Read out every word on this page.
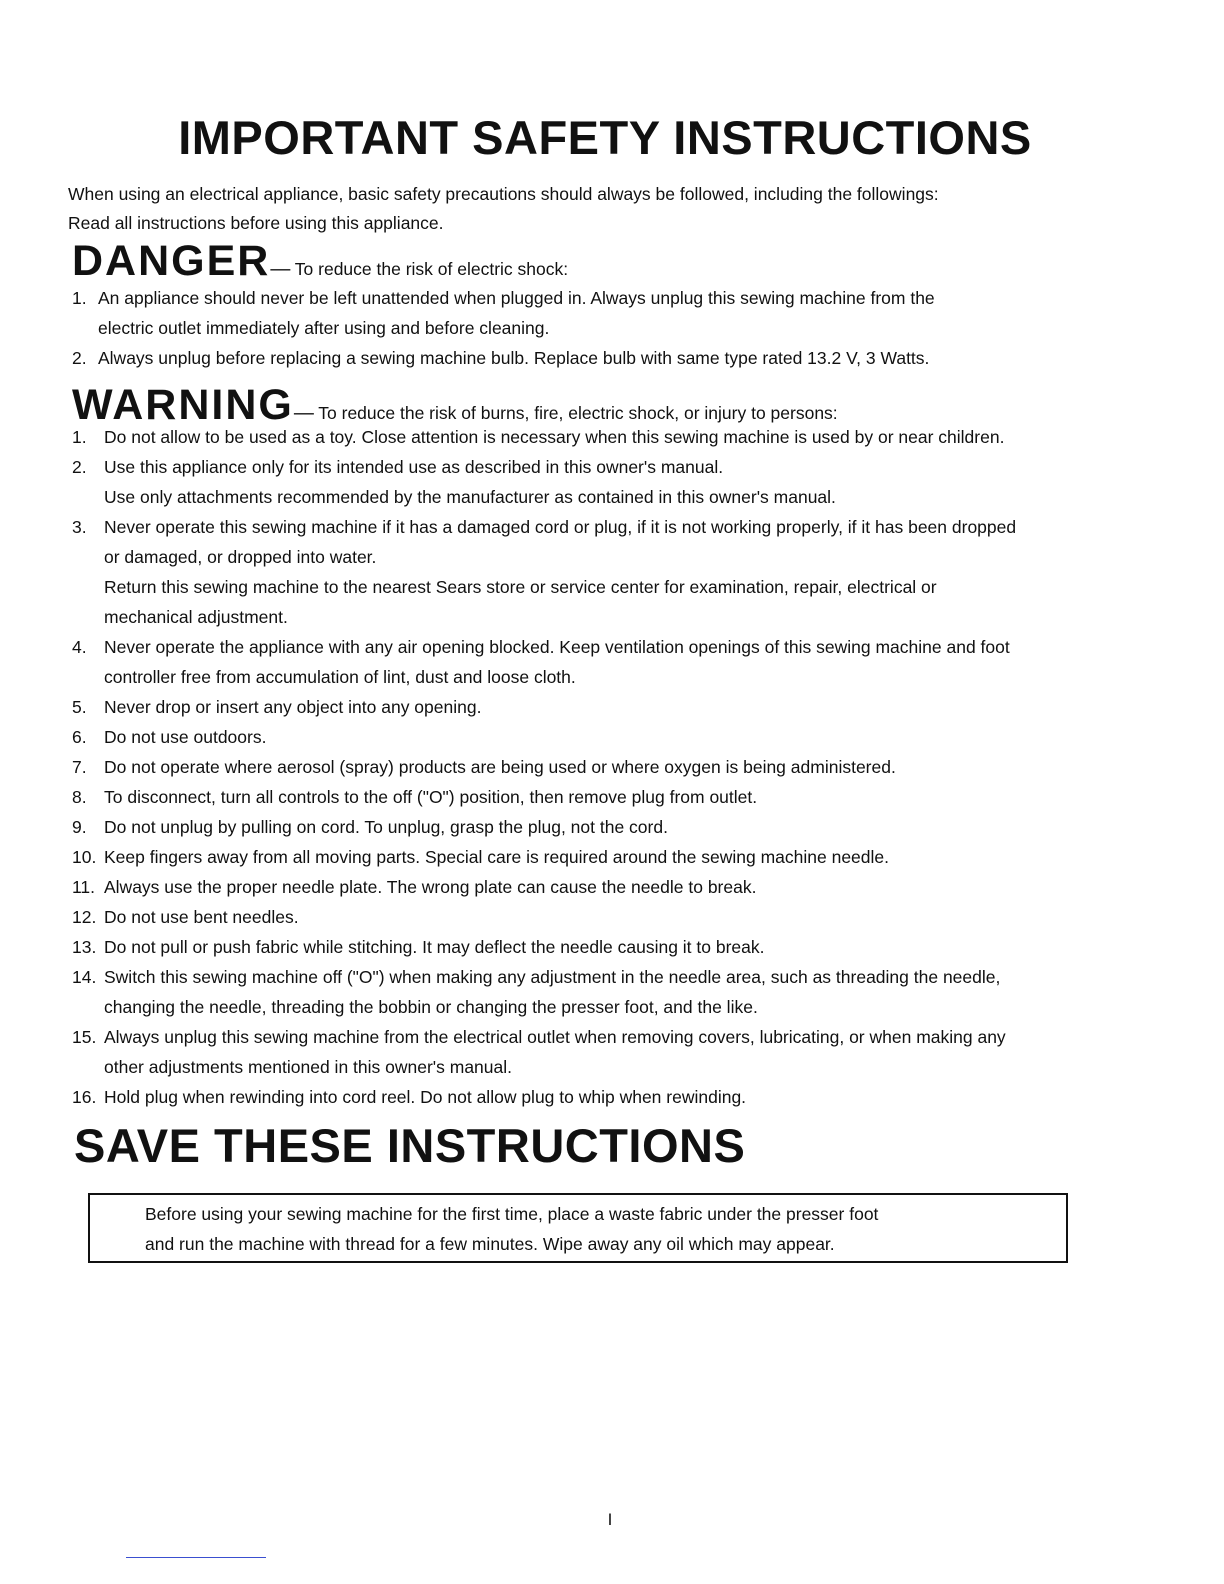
IMPORTANT SAFETY INSTRUCTIONS
When using an electrical appliance, basic safety precautions should always be followed, including the followings:
Read all instructions before using this appliance.
DANGER— To reduce the risk of electric shock:
1. An appliance should never be left unattended when plugged in. Always unplug this sewing machine from the
electric outlet immediately after using and before cleaning.
2. Always unplug before replacing a sewing machine bulb. Replace bulb with same type rated 13.2 V, 3 Watts.
WARNING— To reduce the risk of burns, fire, electric shock, or injury to persons:
1. Do not allow to be used as a toy. Close attention is necessary when this sewing machine is used by or near children.
2. Use this appliance only for its intended use as described in this owner's manual.
Use only attachments recommended by the manufacturer as contained in this owner's manual.
3. Never operate this sewing machine if it has a damaged cord or plug, if it is not working properly, if it has been dropped
or damaged, or dropped into water.
Return this sewing machine to the nearest Sears store or service center for examination, repair, electrical or
mechanical adjustment.
4. Never operate the appliance with any air opening blocked. Keep ventilation openings of this sewing machine and foot
controller free from accumulation of lint, dust and loose cloth.
5. Never drop or insert any object into any opening.
6. Do not use outdoors.
7. Do not operate where aerosol (spray) products are being used or where oxygen is being administered.
8. To disconnect, turn all controls to the off ("O") position, then remove plug from outlet.
9. Do not unplug by pulling on cord. To unplug, grasp the plug, not the cord.
10. Keep fingers away from all moving parts. Special care is required around the sewing machine needle.
11. Always use the proper needle plate. The wrong plate can cause the needle to break.
12. Do not use bent needles.
13. Do not pull or push fabric while stitching. It may deflect the needle causing it to break.
14. Switch this sewing machine off ("O") when making any adjustment in the needle area, such as threading the needle,
changing the needle, threading the bobbin or changing the presser foot, and the like.
15. Always unplug this sewing machine from the electrical outlet when removing covers, lubricating, or when making any
other adjustments mentioned in this owner's manual.
16. Hold plug when rewinding into cord reel. Do not allow plug to whip when rewinding.
SAVE THESE INSTRUCTIONS
Before using your sewing machine for the first time, place a waste fabric under the presser foot
and run the machine with thread for a few minutes. Wipe away any oil which may appear.
I
